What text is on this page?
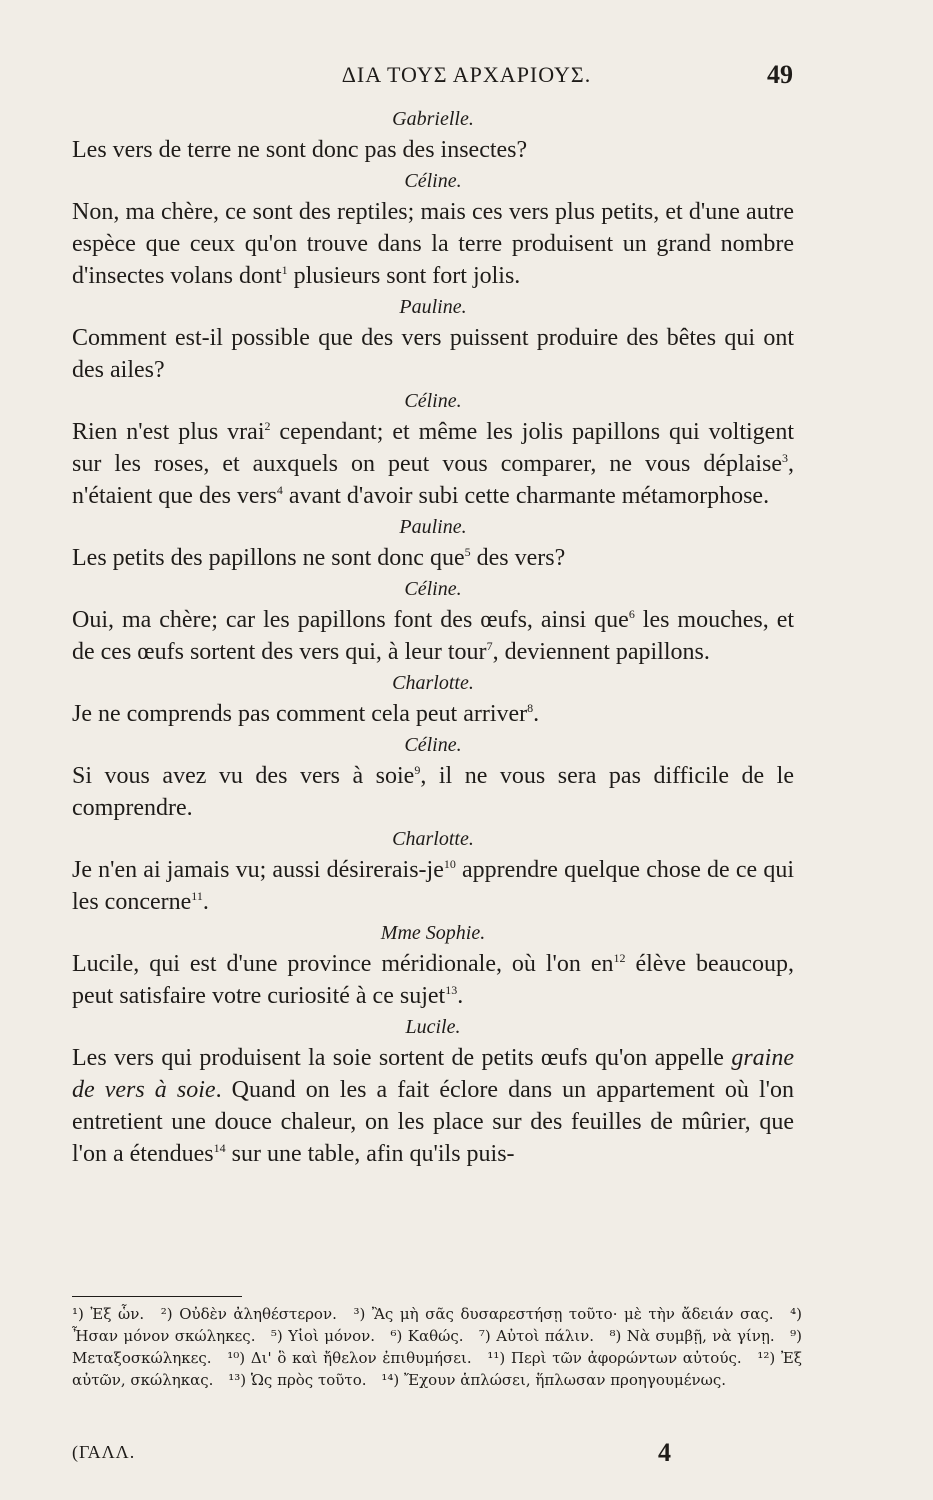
ΔΙΑ ΤΟΥΣ ΑΡΧΑΡΙΟΥΣ.	49

Gabrielle.

Les vers de terre ne sont donc pas des insectes?

Céline.

Non, ma chère, ce sont des reptiles; mais ces vers plus petits, et d'une autre espèce que ceux qu'on trouve dans la terre produisent un grand nombre d'insectes volans dont$^1$ plusieurs sont fort jolis.

Pauline.

Comment est-il possible que des vers puissent produire des bêtes qui ont des ailes?

Céline.

Rien n'est plus vrai$^2$ cependant; et même les jolis papillons qui voltigent sur les roses, et auxquels on peut vous comparer, ne vous déplaise$^3$, n'étaient que des vers$^4$ avant d'avoir subi cette charmante métamorphose.

Pauline.

Les petits des papillons ne sont donc que$^5$ des vers?

Céline.

Oui, ma chère; car les papillons font des œufs, ainsi que$^6$ les mouches, et de ces œufs sortent des vers qui, à leur tour$^7$, deviennent papillons.

Charlotte.

Je ne comprends pas comment cela peut arriver$^8$.

Céline.

Si vous avez vu des vers à soie$^9$, il ne vous sera pas difficile de le comprendre.

Charlotte.

Je n'en ai jamais vu; aussi désirerais-$je^{10}$ apprendre quelque chose de ce qui les concerne$^{11}$.

Mme Sophie.

Lucile, qui est d'une province méridionale, où l'on $en^{12}$ élève beaucoup, peut satisfaire votre curiosité à ce sujet$^{13}$.

Lucile.

Les vers qui produisent la soie sortent de petits œufs qu'on appelle graine de vers à soie. Quand on les a fait éclore dans un appartement où l'on entretient une douce chaleur, on les place sur des feuilles de mûrier, que l'on a étendues$^{14}$ sur une table, afin qu'ils puis-

¹) Ἐξ ὧν. ²) Οὐδὲν ἀληθέστερον. ³) Ἂς μὴ σᾶς δυσαρεστήσῃ τοῦτο· μὲ τὴν ἄδειάν σας. ⁴) Ἦσαν μόνον σκώληκες. ⁵) Υἱοὶ μόνον. ⁶) Καθώς. ⁷) Αὐτοὶ πάλιν. ⁸) Νὰ συμβῇ, νὰ γίνῃ. ⁹) Μεταξοσκώληκες. ¹⁰) Δι' ὃ καὶ ἤθελον ἐπιθυμήσει. ¹¹) Περὶ τῶν ἀφορώντων αὐτούς. ¹²) Ἐξ αὐτῶν, σκώληκας. ¹³) Ὡς πρὸς τοῦτο. ¹⁴) Ἔχουν ἁπλώσει, ἥπλωσαν προηγουμένως.
(ΓΑΛΛ.	4
